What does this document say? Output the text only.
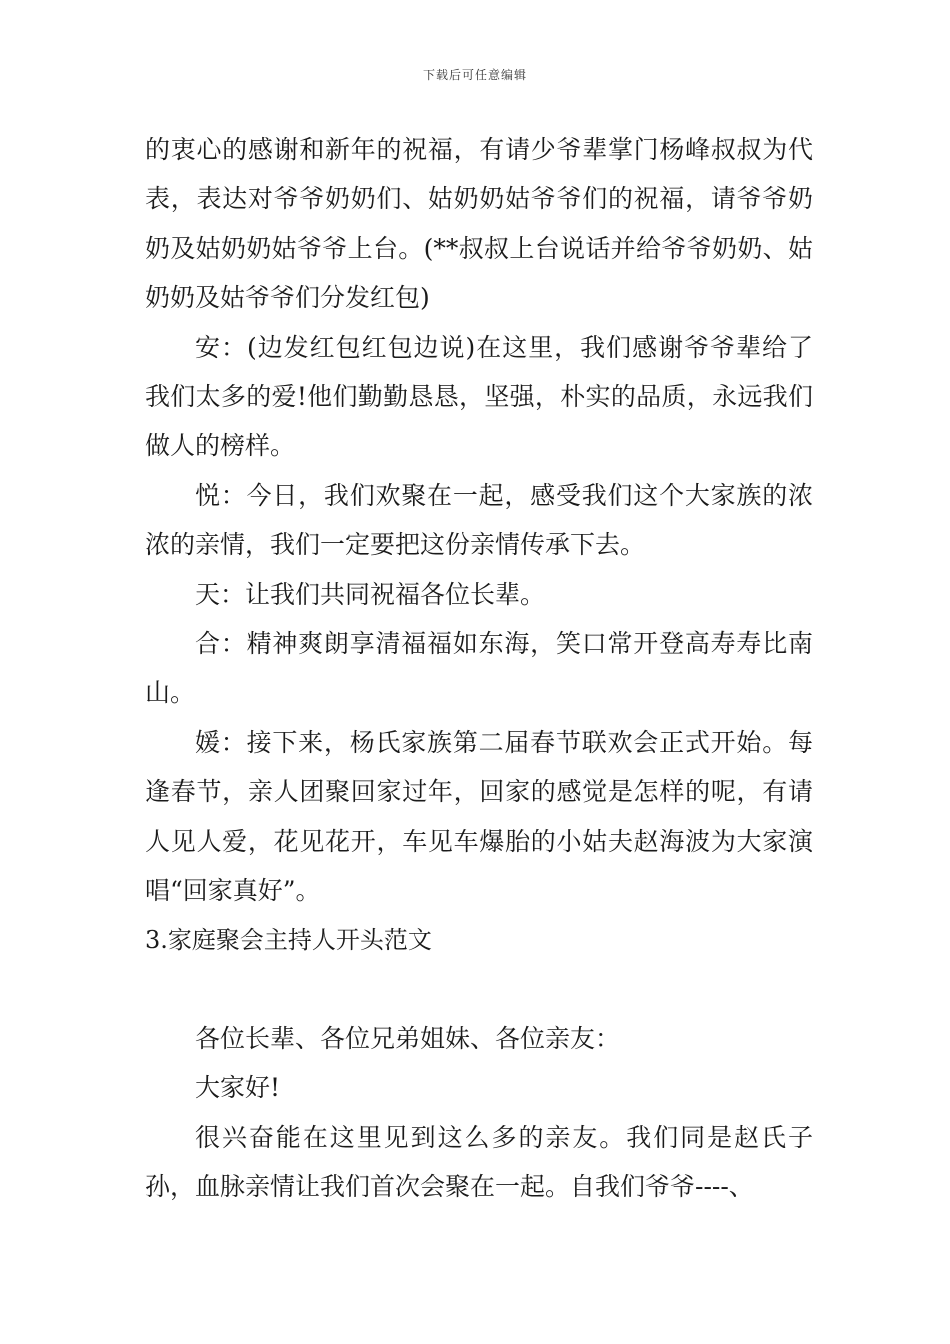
下载后可任意编辑

的衷心的感谢和新年的祝福，有请少爷辈掌门杨峰叔叔为代表，表达对爷爷奶奶们、姑奶奶姑爷爷们的祝福，请爷爷奶奶及姑奶奶姑爷爷上台。(**叔叔上台说话并给爷爷奶奶、姑奶奶及姑爷爷们分发红包)

安：(边发红包红包边说)在这里，我们感谢爷爷辈给了我们太多的爱!他们勤勤恳恳，坚强，朴实的品质，永远我们做人的榜样。

悦：今日，我们欢聚在一起，感受我们这个大家族的浓浓的亲情，我们一定要把这份亲情传承下去。

天：让我们共同祝福各位长辈。

合：精神爽朗享清福福如东海，笑口常开登高寿寿比南山。

媛：接下来，杨氏家族第二届春节联欢会正式开始。每逢春节，亲人团聚回家过年，回家的感觉是怎样的呢，有请人见人爱，花见花开，车见车爆胎的小姑夫赵海波为大家演唱“回家真好”。

3.家庭聚会主持人开头范文

各位长辈、各位兄弟姐妹、各位亲友：

大家好!

很兴奋能在这里见到这么多的亲友。我们同是赵氏子孙，血脉亲情让我们首次会聚在一起。自我们爷爷----、
